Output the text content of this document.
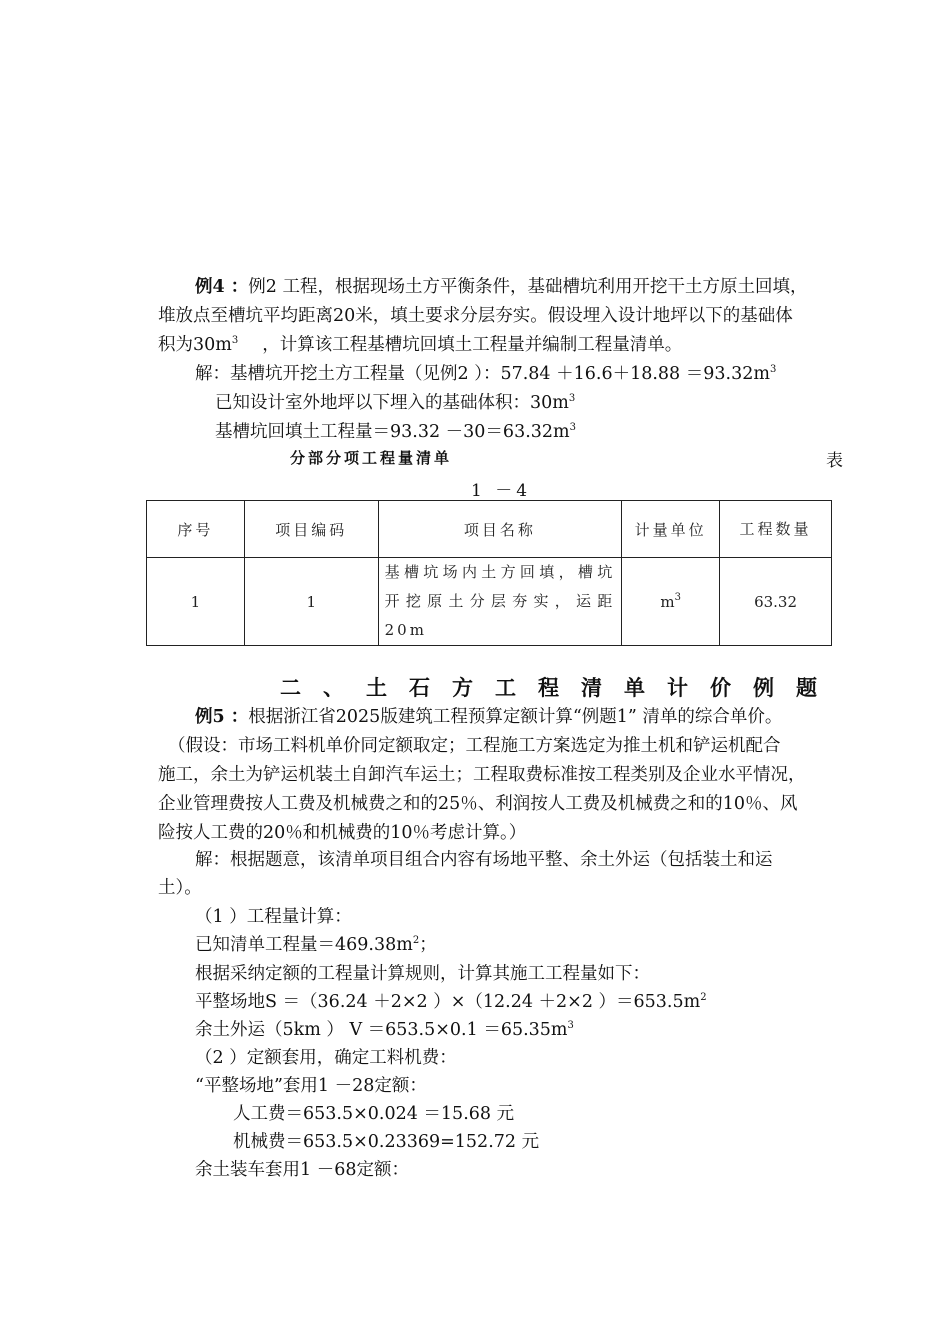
例4 ：例2 工程，根据现场土方平衡条件，基础槽坑利用开挖干土方原土回填，
堆放点至槽坑平均距离20米，填土要求分层夯实。假设埋入设计地坪以下的基础体
积为$30m^3$ ，计算该工程基槽坑回填土工程量并编制工程量清单。
解：基槽坑开挖土方工程量（见例2 ）：$57.84 +16.6+18.88 =93.32m^3$
已知设计室外地坪以下埋入的基础体积：$30m^3$
基槽坑回填土工程量$=93.32 -30=63.32m^3$
分部分项工程量清单	表
1 －4
序号	项目编码	项目名称	计量单位	工程数量
1	1	基槽坑场内土方回填，槽坑开挖原土分层夯实，运距20m	$m^3$	63.32
二、土石方工程清单计价例题
例5 ：根据浙江省2025版建筑工程预算定额计算“例题1” 清单的综合单价。
（假设：市场工料机单价同定额取定；工程施工方案选定为推土机和铲运机配合
施工，余土为铲运机装土自卸汽车运土；工程取费标准按工程类别及企业水平情况，
企业管理费按人工费及机械费之和的25％、利润按人工费及机械费之和的10％、风
险按人工费的20％和机械费的10％考虑计算。）
解：根据题意，该清单项目组合内容有场地平整、余土外运（包括装土和运
土）。
（1 ）工程量计算：
已知清单工程量$=469.38m^2$；
根据采纳定额的工程量计算规则，计算其施工工程量如下：
平整场地S ＝（36.24 ＋2×2 ）×（12.24 ＋2×2 ）$=653.5m^2$
余土外运（5km ） $V =653.5\times 0.1 =65.35m^3$
（2 ）定额套用，确定工料机费：
“平整场地”套用1 －28定额：
人工费＝653.5×0.024 ＝15.68 元
机械费＝653.5×0.23369=152.72 元
余土装车套用1 －68定额：
